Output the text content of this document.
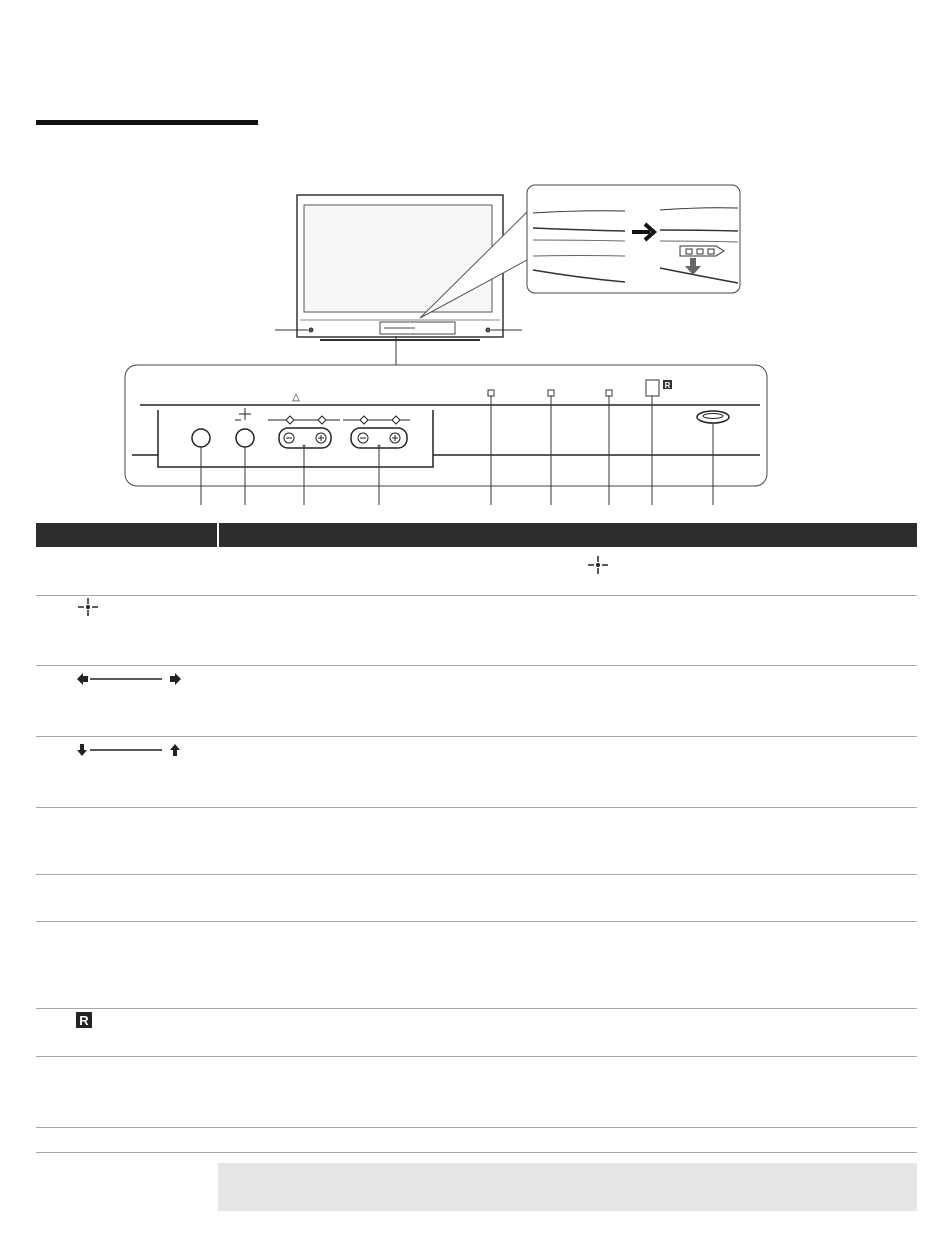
△
R
R
